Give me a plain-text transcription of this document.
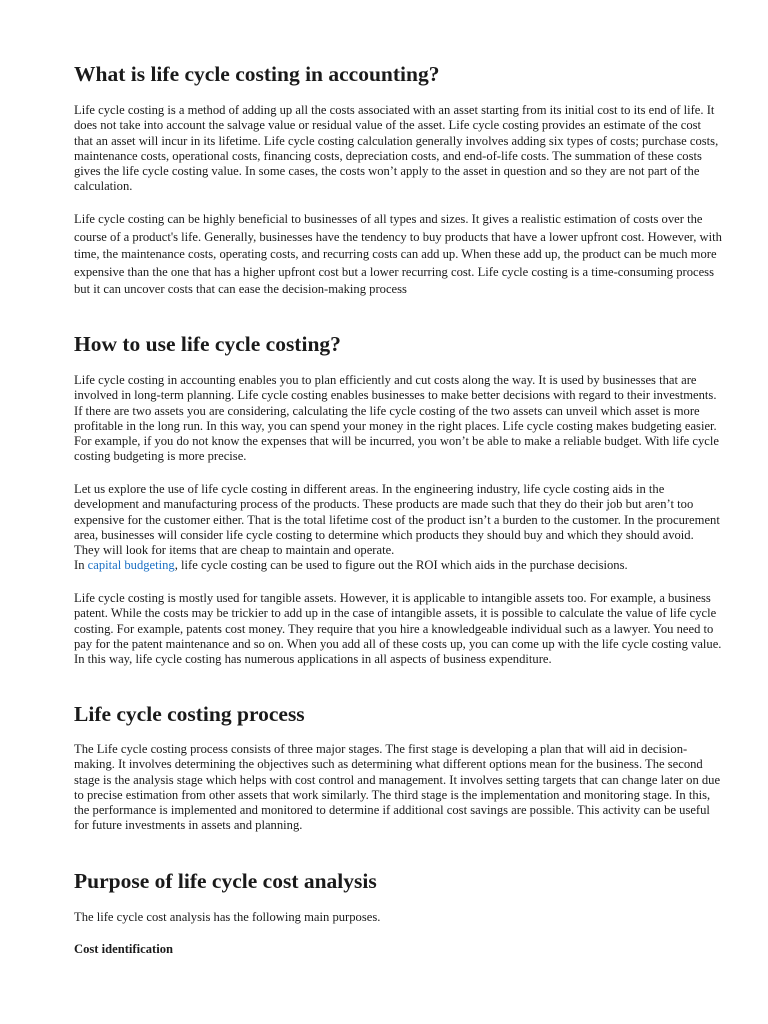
What is life cycle costing in accounting?

Life cycle costing is a method of adding up all the costs associated with an asset starting from its initial cost to its end of life. It does not take into account the salvage value or residual value of the asset. Life cycle costing provides an estimate of the cost that an asset will incur in its lifetime. Life cycle costing calculation generally involves adding six types of costs; purchase costs, maintenance costs, operational costs, financing costs, depreciation costs, and end-of-life costs. The summation of these costs gives the life cycle costing value. In some cases, the costs won’t apply to the asset in question and so they are not part of the calculation.

Life cycle costing can be highly beneficial to businesses of all types and sizes. It gives a realistic estimation of costs over the course of a product's life. Generally, businesses have the tendency to buy products that have a lower upfront cost. However, with time, the maintenance costs, operating costs, and recurring costs can add up. When these add up, the product can be much more expensive than the one that has a higher upfront cost but a lower recurring cost. Life cycle costing is a time-consuming process but it can uncover costs that can ease the decision-making process

How to use life cycle costing?

Life cycle costing in accounting enables you to plan efficiently and cut costs along the way. It is used by businesses that are involved in long-term planning. Life cycle costing enables businesses to make better decisions with regard to their investments. If there are two assets you are considering, calculating the life cycle costing of the two assets can unveil which asset is more profitable in the long run. In this way, you can spend your money in the right places. Life cycle costing makes budgeting easier. For example, if you do not know the expenses that will be incurred, you won’t be able to make a reliable budget. With life cycle costing budgeting is more precise.

Let us explore the use of life cycle costing in different areas. In the engineering industry, life cycle costing aids in the development and manufacturing process of the products. These products are made such that they do their job but aren’t too expensive for the customer either. That is the total lifetime cost of the product isn’t a burden to the customer. In the procurement area, businesses will consider life cycle costing to determine which products they should buy and which they should avoid. They will look for items that are cheap to maintain and operate.

In capital budgeting, life cycle costing can be used to figure out the ROI which aids in the purchase decisions.

Life cycle costing is mostly used for tangible assets. However, it is applicable to intangible assets too. For example, a business patent. While the costs may be trickier to add up in the case of intangible assets, it is possible to calculate the value of life cycle costing. For example, patents cost money. They require that you hire a knowledgeable individual such as a lawyer. You need to pay for the patent maintenance and so on. When you add all of these costs up, you can come up with the life cycle costing value. In this way, life cycle costing has numerous applications in all aspects of business expenditure.

Life cycle costing process

The Life cycle costing process consists of three major stages. The first stage is developing a plan that will aid in decision-making. It involves determining the objectives such as determining what different options mean for the business. The second stage is the analysis stage which helps with cost control and management. It involves setting targets that can change later on due to precise estimation from other assets that work similarly. The third stage is the implementation and monitoring stage. In this, the performance is implemented and monitored to determine if additional cost savings are possible. This activity can be useful for future investments in assets and planning.

Purpose of life cycle cost analysis

The life cycle cost analysis has the following main purposes.

Cost identification
